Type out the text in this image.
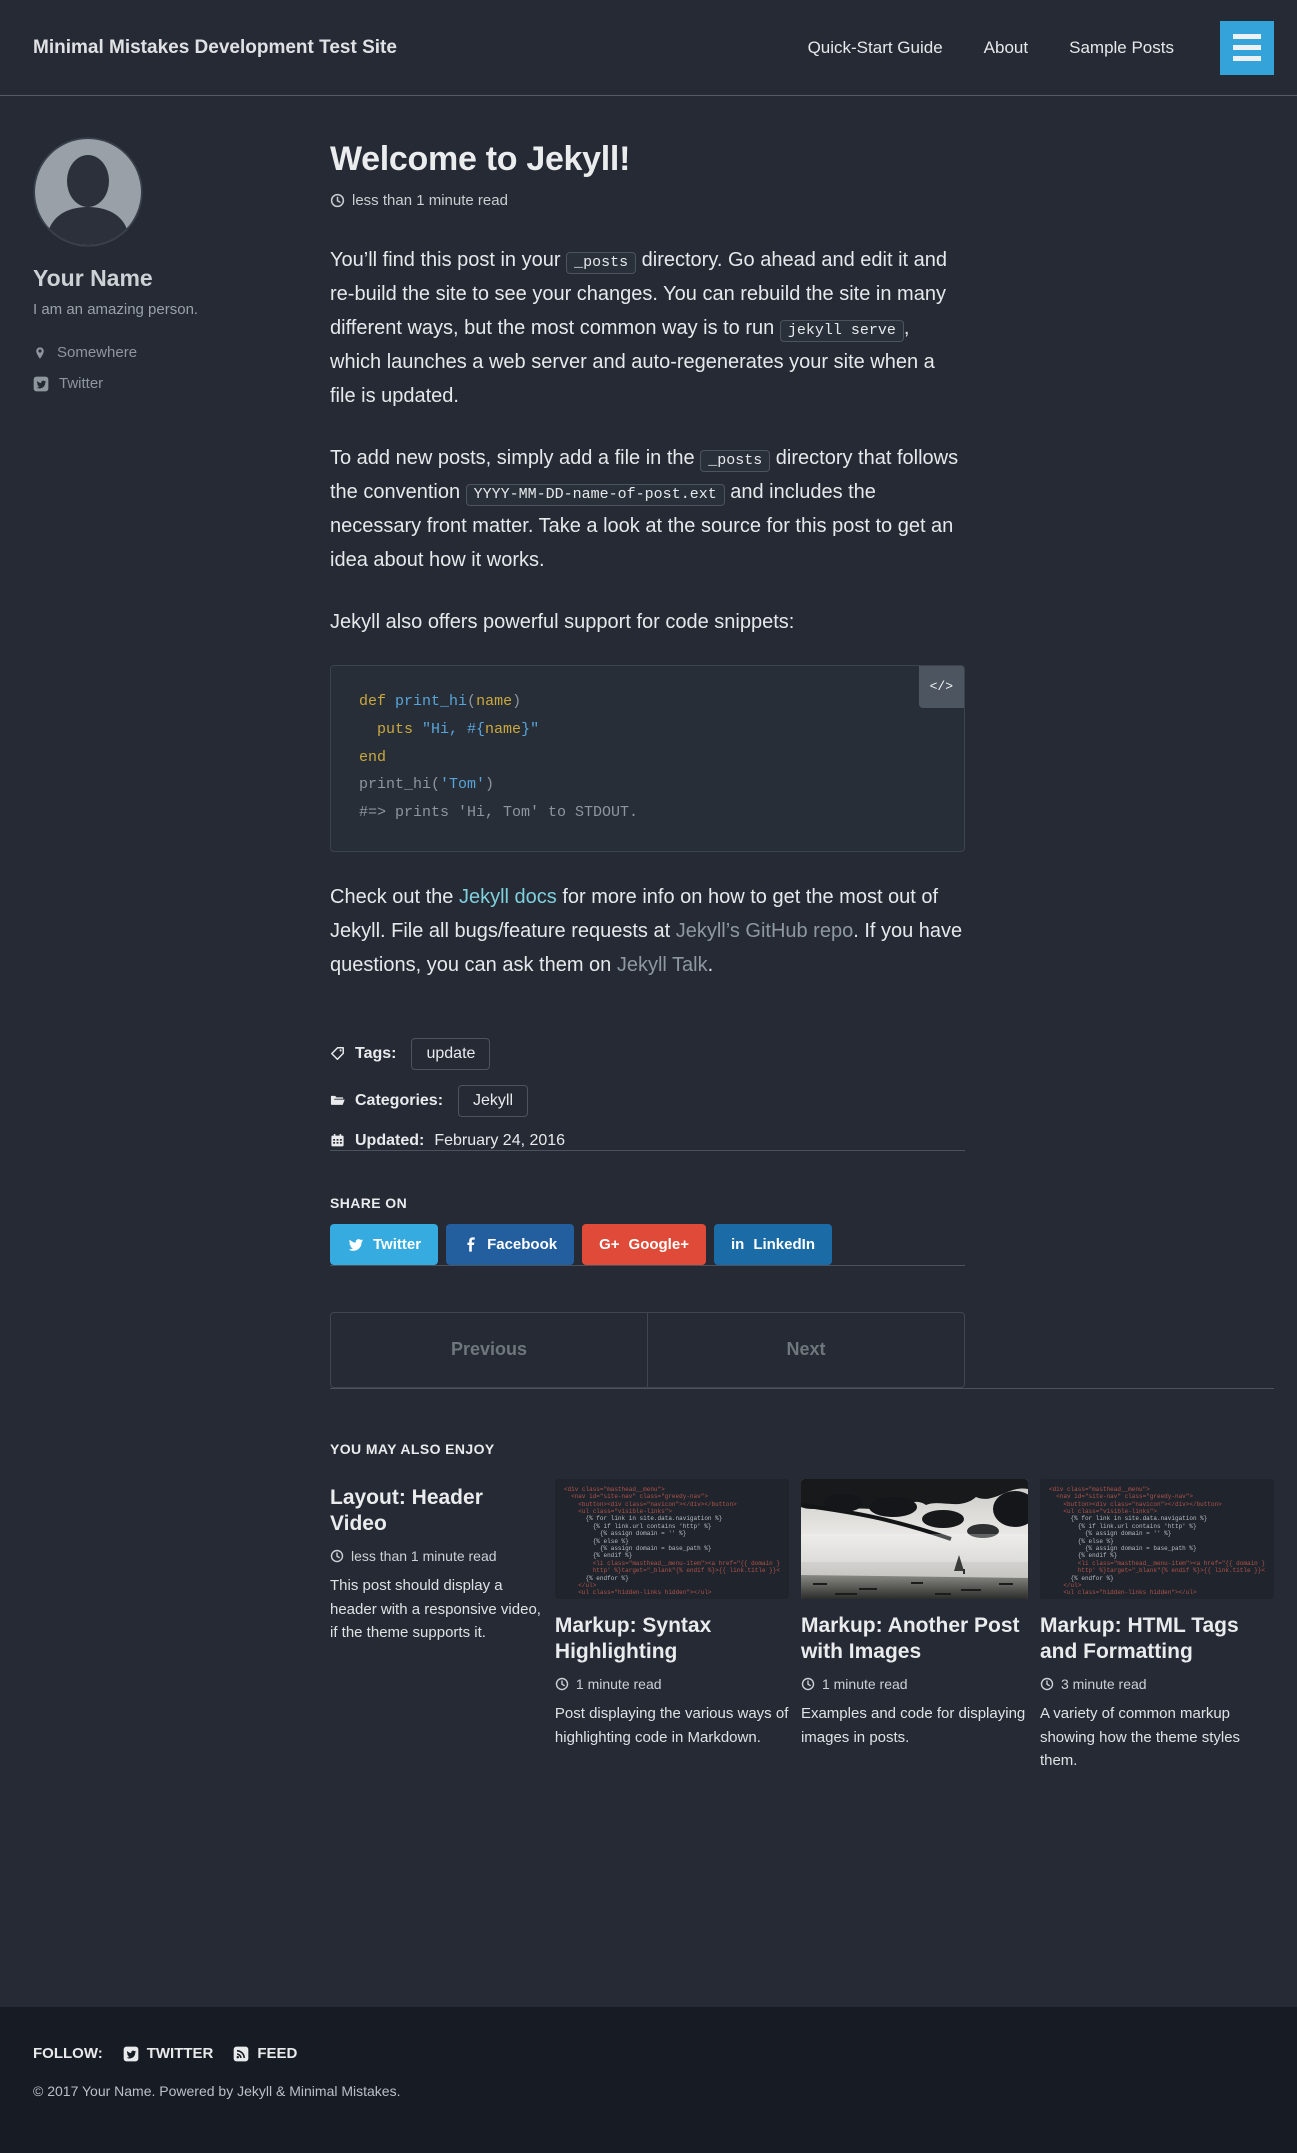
Minimal Mistakes Development Test Site	Quick-Start Guide About Sample Posts
Your Name
I am an amazing person.
Somewhere
Twitter
Welcome to Jekyll!
less than 1 minute read

You’ll find this post in your _posts directory. Go ahead and edit it and re-build the site to see your changes. You can rebuild the site in many different ways, but the most common way is to run jekyll serve , which launches a web server and auto-regenerates your site when a file is updated.

To add new posts, simply add a file in the _posts directory that follows the convention YYYY-MM-DD-name-of-post.ext and includes the necessary front matter. Take a look at the source for this post to get an idea about how it works.

Jekyll also offers powerful support for code snippets:

</>
def print_hi(name)
puts "Hi, #{name}"
end
print_hi('Tom')
#=> prints 'Hi, Tom' to STDOUT.

Check out the Jekyll docs for more info on how to get the most out of Jekyll. File all bugs/feature requests at Jekyll’s GitHub repo. If you have questions, you can ask them on Jekyll Talk.

Tags:	update
Categories:	Jekyll
Updated: February 24, 2016
SHARE ON
Twitter	Facebook	G+ Google+	in LinkedIn
Previous	Next
YOU MAY ALSO ENJOY
Layout: Header Video
less than 1 minute read
This post should display a header with a responsive video, if the theme supports it.
<div class="masthead__menu">
<nav id="site-nav" class="greedy-nav">
<button><div class="navicon"></div></button>
<ul class="visible-links">
{% for link in site.data.navigation %}
{% if link.url contains 'http' %}
{% assign domain = '' %}
{% else %}
{% assign domain = base_path %}
{% endif %}
<li class="masthead__menu-item"><a href="{{ domain }
http' %}target="_blank"{% endif %}>{{ link.title }}<
{% endfor %}
</ul>
<ul class="hidden-links hidden"></ul>
Markup: Syntax Highlighting
1 minute read
Post displaying the various ways of highlighting code in Markdown.
Markup: Another Post with Images
1 minute read
Examples and code for displaying images in posts.
<div class="masthead__menu">
<nav id="site-nav" class="greedy-nav">
<button><div class="navicon"></div></button>
<ul class="visible-links">
{% for link in site.data.navigation %}
{% if link.url contains 'http' %}
{% assign domain = '' %}
{% else %}
{% assign domain = base_path %}
{% endif %}
<li class="masthead__menu-item"><a href="{{ domain }
http' %}target="_blank"{% endif %}>{{ link.title }}<
{% endfor %}
</ul>
<ul class="hidden-links hidden"></ul>
Markup: HTML Tags and Formatting
3 minute read
A variety of common markup showing how the theme styles them.
FOLLOW:	TWITTER	FEED
© 2017 Your Name. Powered by Jekyll & Minimal Mistakes.
